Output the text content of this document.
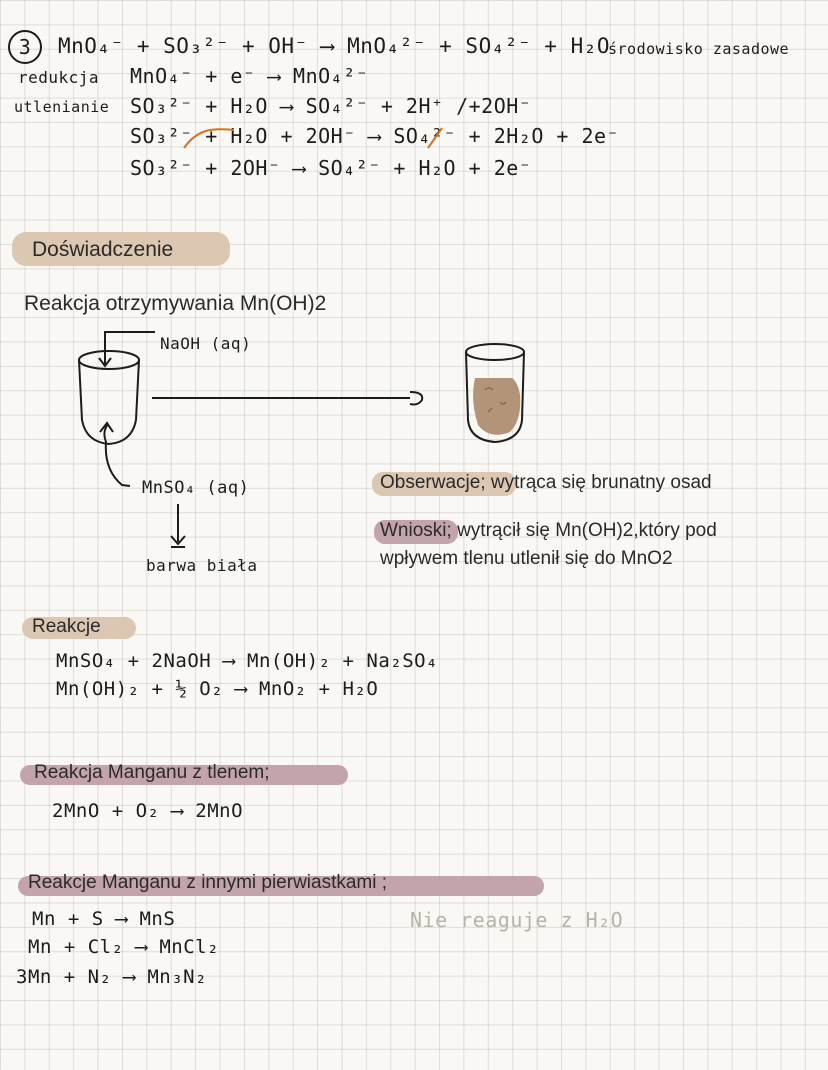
3	MnO₄⁻ + SO₃²⁻ + OH⁻ ⟶ MnO₄²⁻ + SO₄²⁻ + H₂O
środowisko zasadowe
redukcja MnO₄⁻ + e⁻ ⟶ MnO₄²⁻
utlenianie SO₃²⁻ + H₂O ⟶ SO₄²⁻ + 2H⁺ /+2OH⁻
SO₃²⁻ + H₂O + 2OH⁻ ⟶ SO₄²⁻ + 2H₂O + 2e⁻
SO₃²⁻ + 2OH⁻ ⟶ SO₄²⁻ + H₂O + 2e⁻
Doświadczenie
Reakcja otrzymywania Mn(OH)2
NaOH (aq)
MnSO₄ (aq)
barwa biała
Obserwacje; wytrąca się brunatny osad
Wnioski; wytrącił się Mn(OH)2,który pod
wpływem tlenu utlenił się do MnO2
Reakcje
MnSO₄ + 2NaOH ⟶ Mn(OH)₂ + Na₂SO₄
Mn(OH)₂ + ½ O₂ ⟶ MnO₂ + H₂O
Reakcja Manganu z tlenem;
2MnO + O₂ ⟶ 2MnO
Reakcje Manganu z innymi pierwiastkami ;
Mn + S ⟶ MnS
Mn + Cl₂ ⟶ MnCl₂
3Mn + N₂ ⟶ Mn₃N₂
Nie reaguje z H₂O
